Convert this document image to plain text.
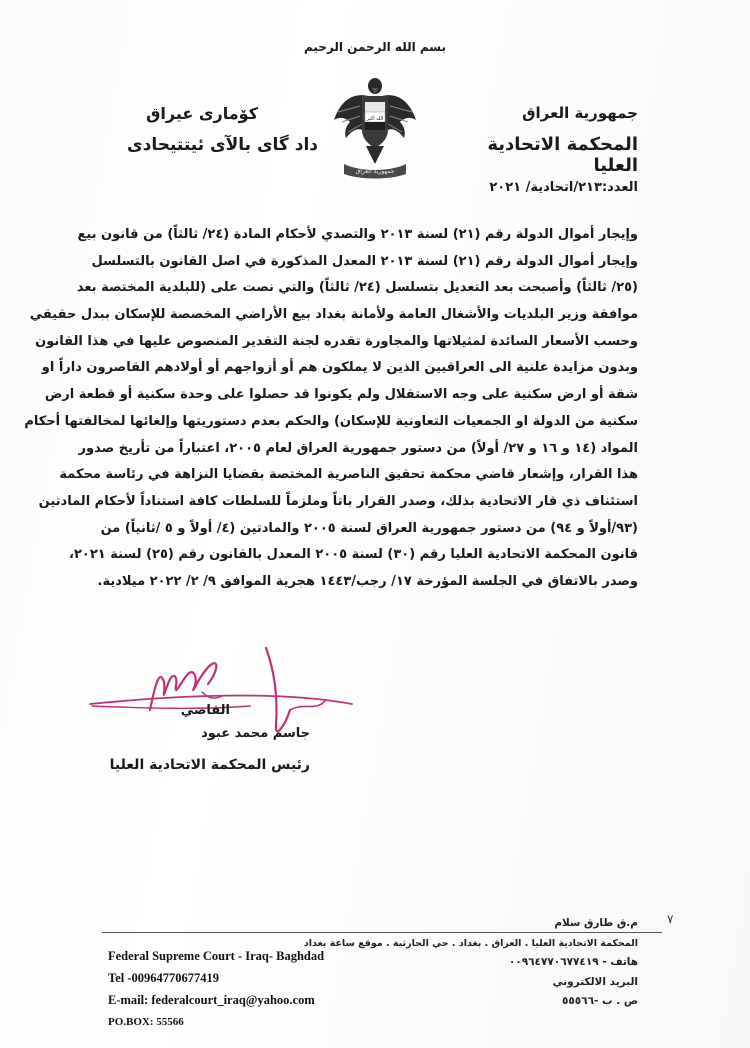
بسم الله الرحمن الرحيم
جمهورية العراق
المحكمة الاتحادية العليا
الله أكبر
جمهورية العراق
كۆماری عیراق
داد گای بالآی ئیتتیحادی
العدد:٢١٣/اتحادية/ ٢٠٢١
وإيجار أموال الدولة رقم (٢١) لسنة ٢٠١٣ والتصدي لأحكام المادة (٢٤/ ثالثاً) من قانون بيع
وإيجار أموال الدولة رقم (٢١) لسنة ٢٠١٣ المعدل المذكورة في اصل القانون بالتسلسل
(٢٥/ ثالثاً) وأصبحت بعد التعديل بتسلسل (٢٤/ ثالثاً) والتي نصت على (للبلدية المختصة بعد
موافقة وزير البلديات والأشغال العامة ولأمانة بغداد بيع الأراضي المخصصة للإسكان ببدل حقيقي
وحسب الأسعار السائدة لمثيلاتها والمجاورة تقدره لجنة التقدير المنصوص عليها في هذا القانون
وبدون مزايدة علنية الى العراقيين الذين لا يملكون هم أو أزواجهم أو أولادهم القاصرون داراً او
شقة أو ارض سكنية على وجه الاستقلال ولم يكونوا قد حصلوا على وحدة سكنية أو قطعة ارض
سكنية من الدولة او الجمعيات التعاونية للإسكان) والحكم بعدم دستوريتها وإلغائها لمخالفتها أحكام
المواد (١٤ و ١٦ و ٢٧/ أولاً) من دستور جمهورية العراق لعام ٢٠٠٥، اعتباراً من تأريخ صدور
هذا القرار، وإشعار قاضي محكمة تحقيق الناصرية المختصة بقضايا النزاهة في رئاسة محكمة
استئناف ذي قار الاتحادية بذلك، وصدر القرار باتاً وملزماً للسلطات كافة استناداً لأحكام المادتين
(٩٣/أولاً و ٩٤) من دستور جمهورية العراق لسنة ٢٠٠٥ والمادتين (٤/ أولاً و ٥ /ثانياً) من
قانون المحكمة الاتحادية العليا رقم (٣٠) لسنة ٢٠٠٥ المعدل بالقانون رقم (٢٥) لسنة ٢٠٢١،
وصدر بالاتفاق في الجلسة المؤرخة ١٧/ رجب/١٤٤٣ هجرية الموافق ٩/ ٢/ ٢٠٢٢ ميلادية.
القاضي
جاسم محمد عبود
رئيس المحكمة الاتحادية العليا
٧
م.ق طارق سلام
المحكمة الاتحادية العليا . العراق . بغداد . حي الحارثية . موقع ساعة بغداد
هاتف - ٠٠٩٦٤٧٧٠٦٧٧٤١٩
البريد الالكتروني
ص . ب -٥٥٥٦٦
Federal Supreme Court - Iraq- Baghdad
Tel -00964770677419
E-mail: federalcourt_iraq@yahoo.com
PO.BOX: 55566
